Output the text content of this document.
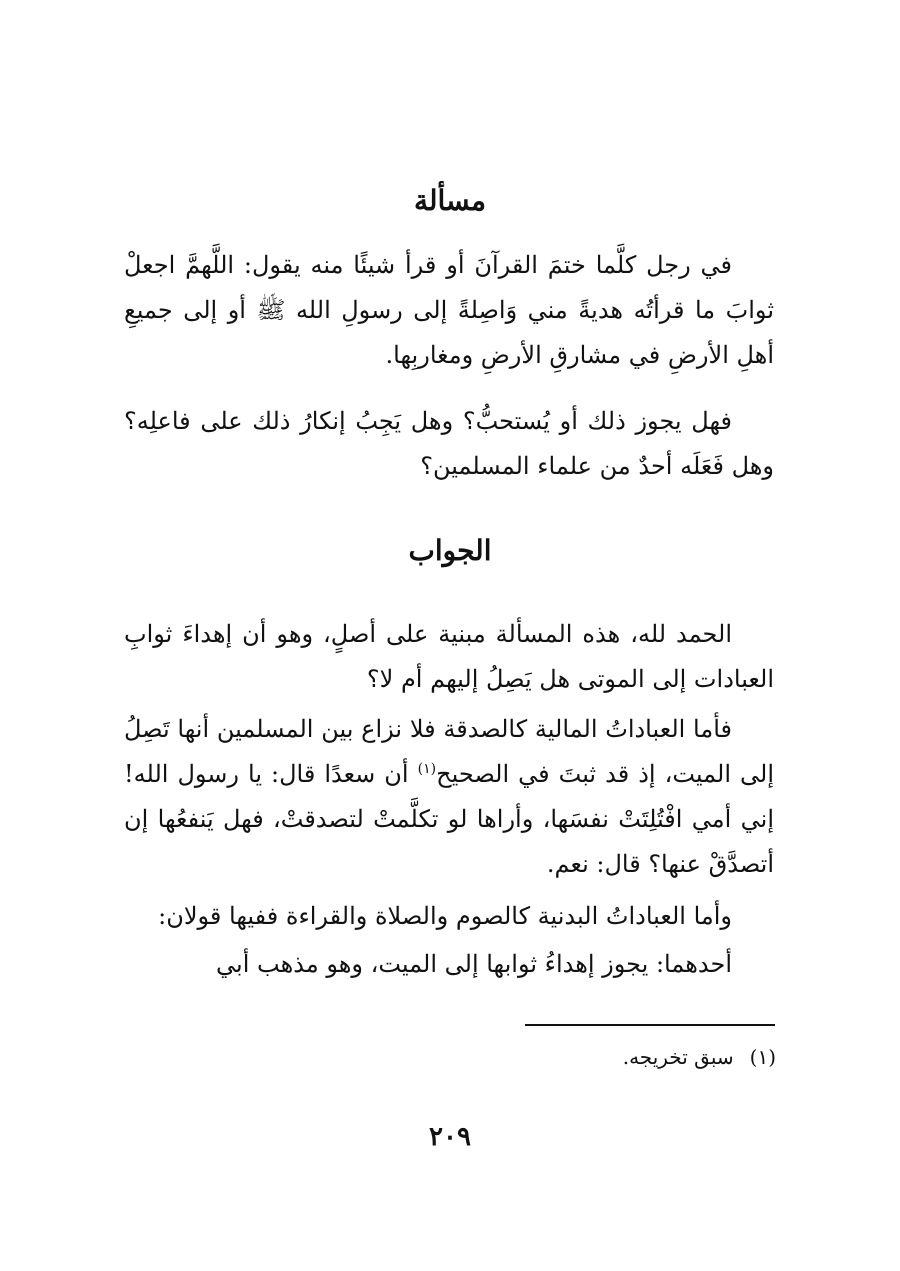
مسألة

في رجل كلَّما ختمَ القرآنَ أو قرأ شيئًا منه يقول: اللَّهمَّ اجعلْ ثوابَ ما قرأتُه هديةً مني وَاصِلةً إلى رسولِ الله ﷺ أو إلى جميعِ أهلِ الأرضِ في مشارقِ الأرضِ ومغاربِها.

فهل يجوز ذلك أو يُستحبُّ؟ وهل يَجِبُ إنكارُ ذلك على فاعلِه؟ وهل فَعَلَه أحدٌ من علماء المسلمين؟

الجواب

الحمد لله، هذه المسألة مبنية على أصلٍ، وهو أن إهداءَ ثوابِ العبادات إلى الموتى هل يَصِلُ إليهم أم لا؟

فأما العباداتُ المالية كالصدقة فلا نزاع بين المسلمين أنها تَصِلُ إلى الميت، إذ قد ثبتَ في الصحيح$^{(١)}$ أن سعدًا قال: يا رسول الله! إني أمي افْتُلِتَتْ نفسَها، وأراها لو تكلَّمتْ لتصدقتْ، فهل يَنفعُها إن أتصدَّقْ عنها؟ قال: نعم.

وأما العباداتُ البدنية كالصوم والصلاة والقراءة ففيها قولان:

أحدهما: يجوز إهداءُ ثوابها إلى الميت، وهو مذهب أبي

(١)سبق تخريجه.
٢٠٩
